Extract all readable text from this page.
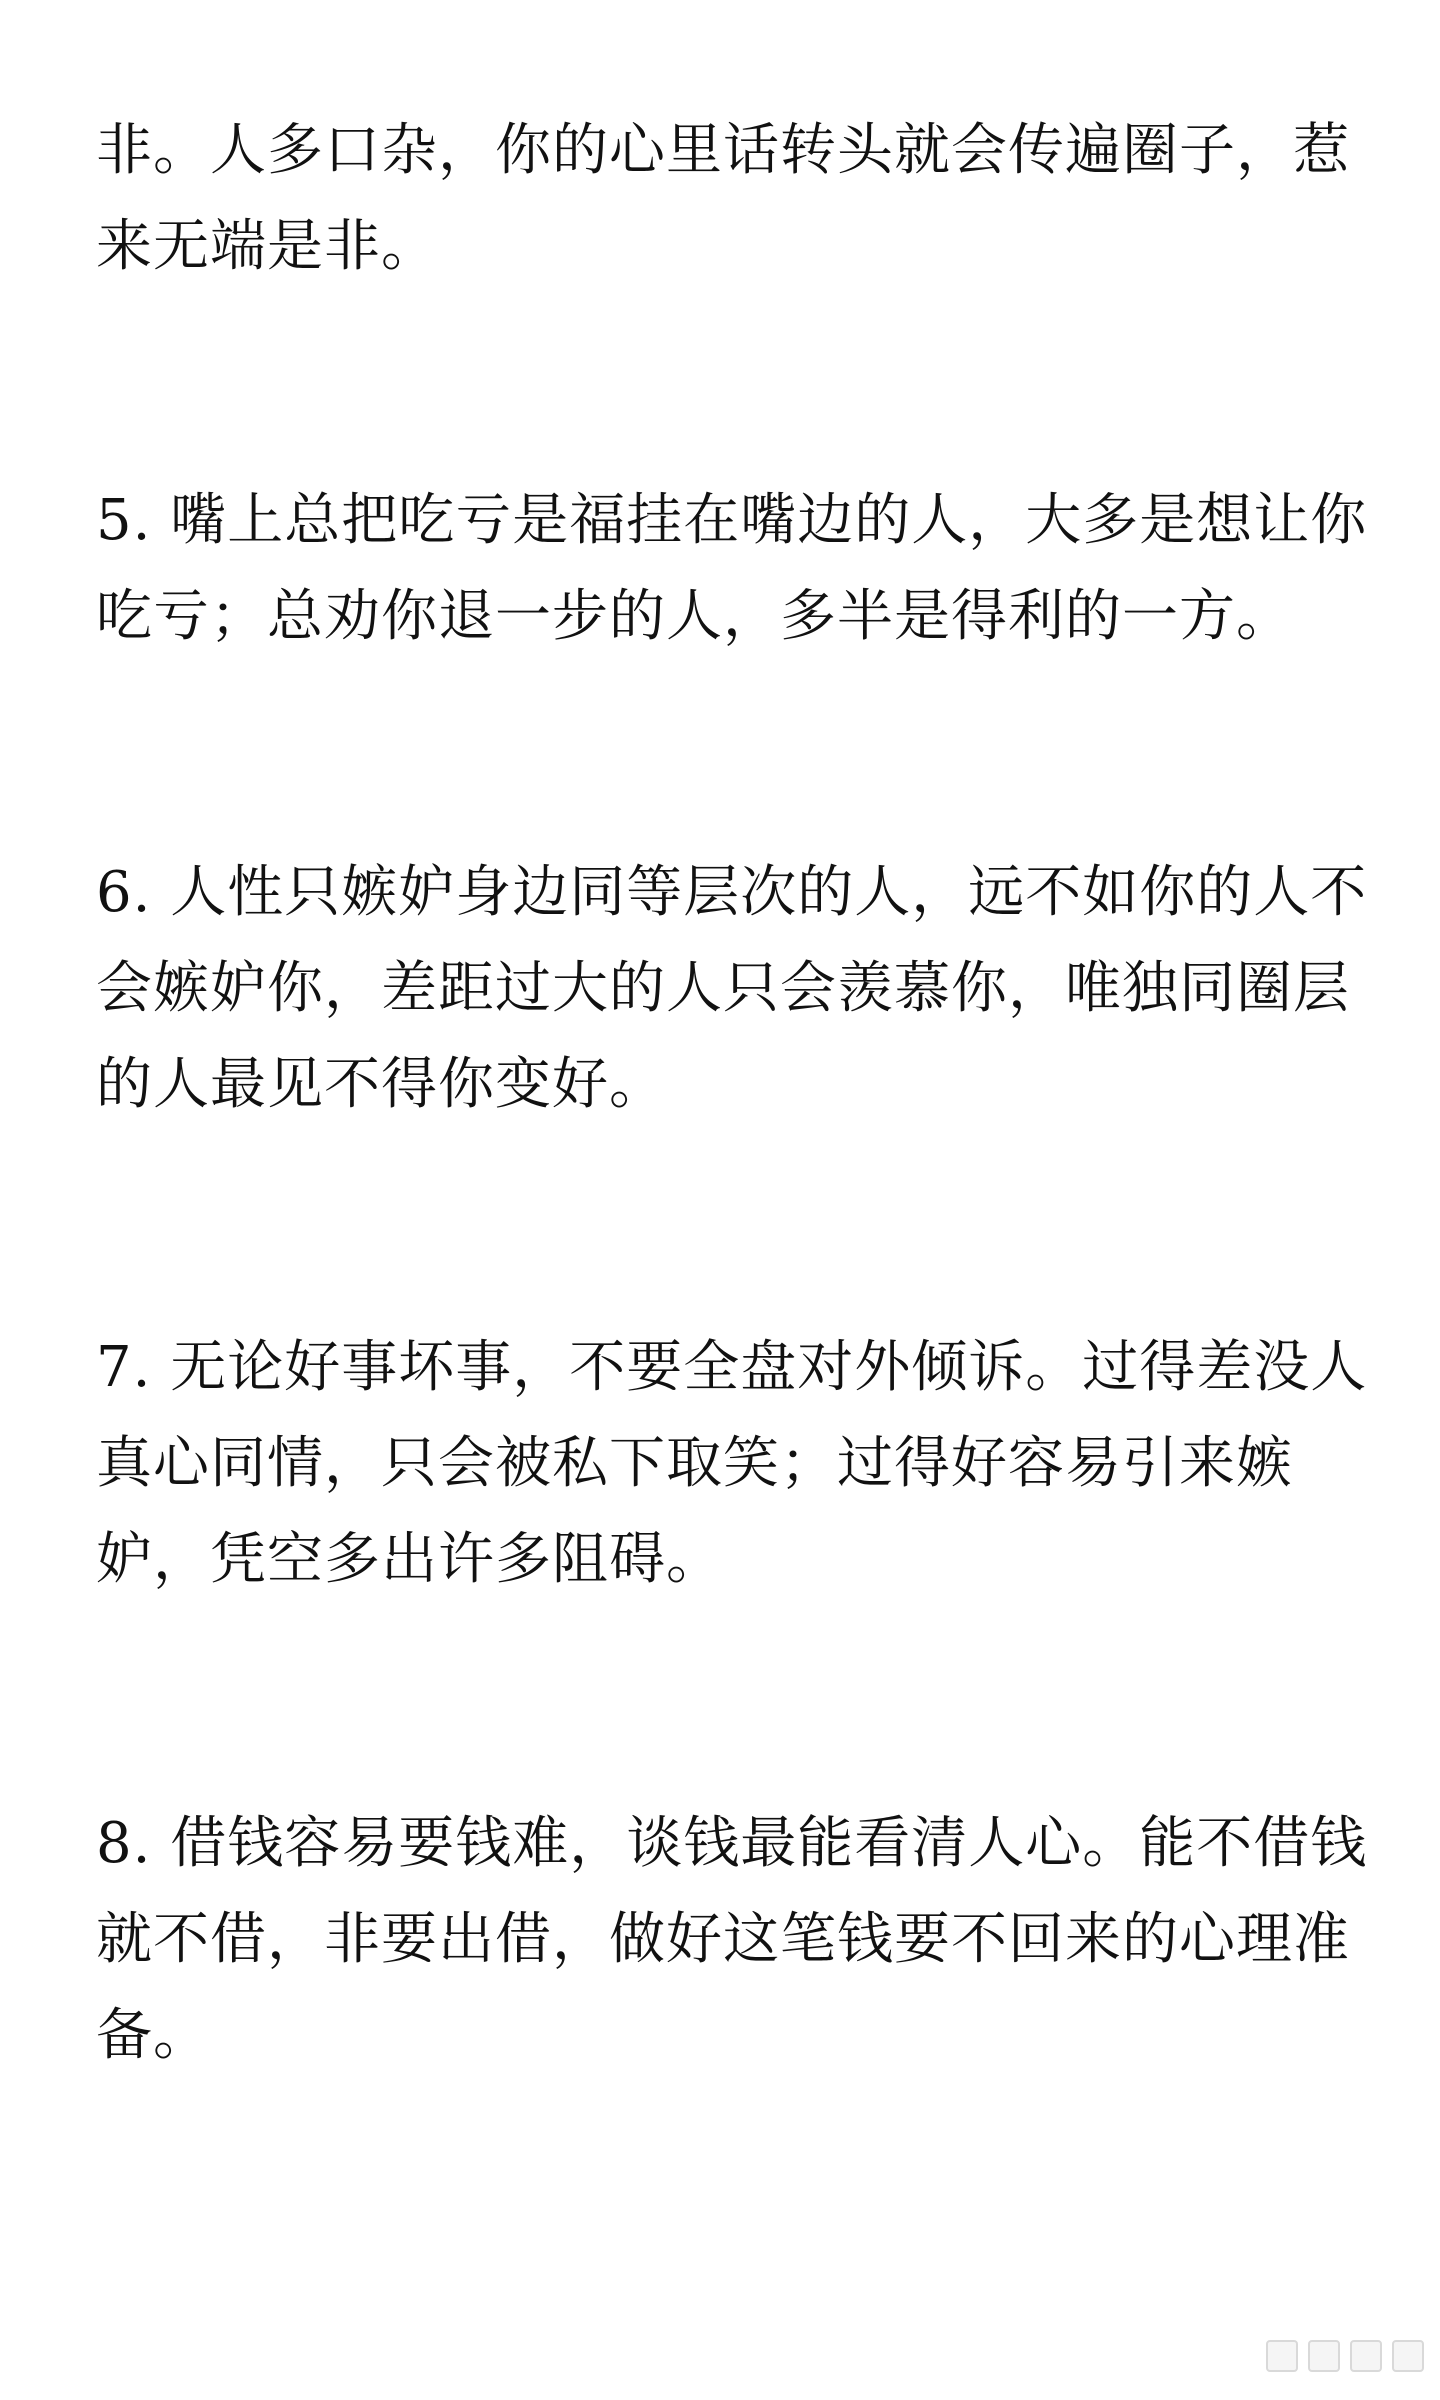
非。人多口杂，你的心里话转头就会传遍圈子，惹
来无端是非。
5. 嘴上总把吃亏是福挂在嘴边的人，大多是想让你
吃亏；总劝你退一步的人，多半是得利的一方。
6. 人性只嫉妒身边同等层次的人，远不如你的人不
会嫉妒你，差距过大的人只会羡慕你，唯独同圈层
的人最见不得你变好。
7. 无论好事坏事，不要全盘对外倾诉。过得差没人
真心同情，只会被私下取笑；过得好容易引来嫉
妒，凭空多出许多阻碍。
8. 借钱容易要钱难，谈钱最能看清人心。能不借钱
就不借，非要出借，做好这笔钱要不回来的心理准
备。
